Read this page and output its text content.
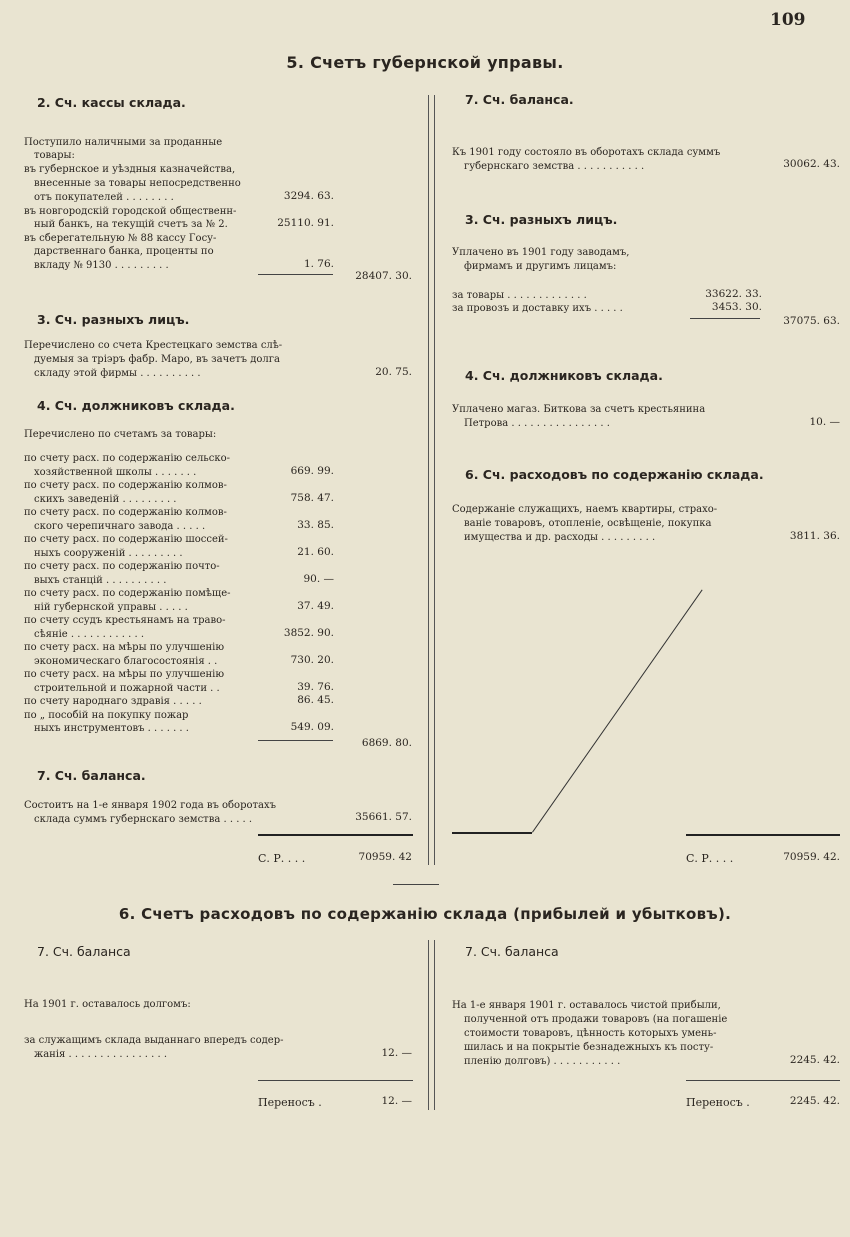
109
5. Счетъ губернской управы.
2. Сч. кассы склада.
Поступило наличными за проданные
товары:
въ губернское и уѣздныя казначейства,
внесенные за товары непосредственно
отъ покупателей . . . . . . . .	3294. 63.
въ новгородскій городской общественн-
ный банкъ, на текущій счетъ за № 2.	25110. 91.
въ сберегательную № 88 кассу Госу-
дарственнаго банка, проценты по
вкладу № 9130 . . . . . . . . .	1. 76.
28407. 30.
3. Сч. разныхъ лицъ.
Перечислено со счета Крестецкаго земства слѣ-
дуемыя за тріэръ фабр. Маро, въ зачетъ долга
складу этой фирмы . . . . . . . . . .	20. 75.
4. Сч. должниковъ склада.
Перечислено по счетамъ за товары:
по счету расх. по содержанію сельско-
хозяйственной школы . . . . . . .	669. 99.
по счету расх. по содержанію колмов-
скихъ заведеній . . . . . . . . .	758. 47.
по счету расх. по содержанію колмов-
ского черепичнаго завода . . . . .	33. 85.
по счету расх. по содержанію шоссей-
ныхъ сооруженій . . . . . . . . .	21. 60.
по счету расх. по содержанію почто-
выхъ станцій . . . . . . . . . .	90. —
по счету расх. по содержанію помѣще-
ній губернской управы . . . . .	37. 49.
по счету ссудъ крестьянамъ на траво-
сѣяніе . . . . . . . . . . . .	3852. 90.
по счету расх. на мѣры по улучшенію
экономическаго благосостоянія . .	730. 20.
по счету расх. на мѣры по улучшенію
строительной и пожарной части . .	39. 76.
по счету народнаго здравія . . . . .	86. 45.
по „ пособій на покупку пожар
ныхъ инструментовъ . . . . . . .	549. 09.
6869. 80.
7. Сч. баланса.
Состоитъ на 1-е января 1902 года въ оборотахъ
склада суммъ губернскаго земства . . . . .	35661. 57.
С. Р. . . .	70959. 42
7. Сч. баланса.
Къ 1901 году состояло въ оборотахъ склада суммъ
губернскаго земства . . . . . . . . . . .	30062. 43.
3. Сч. разныхъ лицъ.
Уплачено въ 1901 году заводамъ,
фирмамъ и другимъ лицамъ:
за товары . . . . . . . . . . . . .	33622. 33.
за провозъ и доставку ихъ . . . . .	3453. 30.
37075. 63.
4. Сч. должниковъ склада.
Уплачено магаз. Биткова за счетъ крестьянина
Петрова . . . . . . . . . . . . . . . .	10. —
6. Сч. расходовъ по содержанію склада.
Содержаніе служащихъ, наемъ квартиры, страхо-
ваніе товаровъ, отопленіе, освѣщеніе, покупка
имущества и др. расходы . . . . . . . . .	3811. 36.
С. Р. . . .	70959. 42.
6. Счетъ расходовъ по содержанію склада (прибылей и убытковъ).
7. Сч. баланса
На 1901 г. оставалось долгомъ:
за служащимъ склада выданнаго впередъ содер-
жанія . . . . . . . . . . . . . . . .	12. —
Переносъ .	12. —
7. Сч. баланса
На 1-е января 1901 г. оставалось чистой прибыли,
полученной отъ продажи товаровъ (на погашеніе
стоимости товаровъ, цѣнность которыхъ умень-
шилась и на покрытіе безнадежныхъ къ посту-
пленію долговъ) . . . . . . . . . . .	2245. 42.
Переносъ .	2245. 42.
